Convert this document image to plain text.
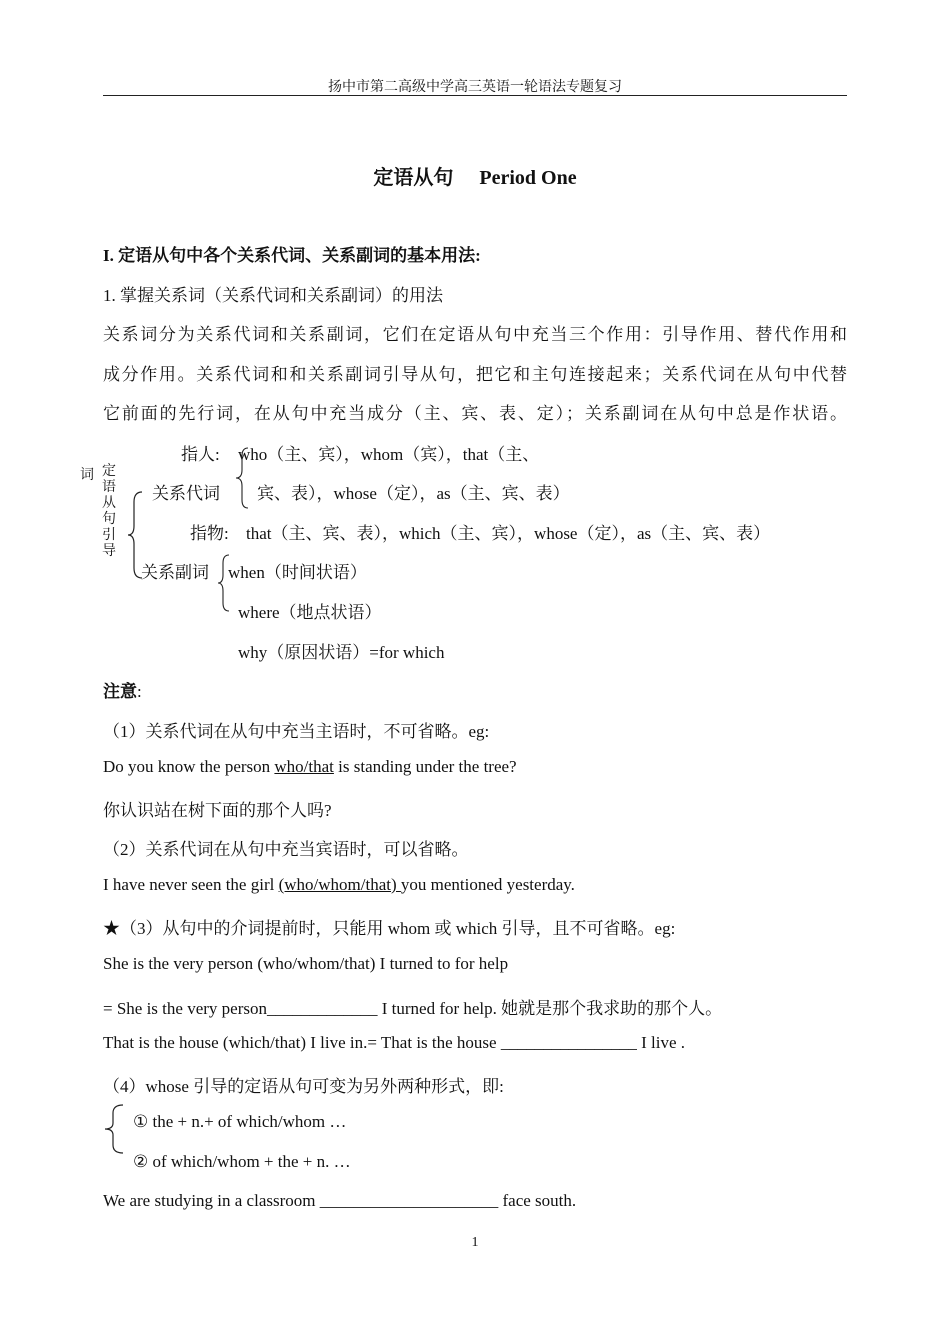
扬中市第二高级中学高三英语一轮语法专题复习
定语从句 Period One
I. 定语从句中各个关系代词、关系副词的基本用法:
1. 掌握关系词（关系代词和关系副词）的用法
关系词分为关系代词和关系副词，它们在定语从句中充当三个作用：引导作用、替代作用和
成分作用。关系代词和和关系副词引导从句，把它和主句连接起来；关系代词在从句中代替
它前面的先行词，在从句中充当成分（主、宾、表、定）；关系副词在从句中总是作状语。
词 定
语
从
句
引
导
指人: who（主、宾），whom（宾），that（主、
关系代词 宾、表），whose（定），as（主、宾、表）
指物: that（主、宾、表），which（主、宾），whose（定），as（主、宾、表）
关系副词 when（时间状语）
where（地点状语）
why（原因状语）=for which
注意:
（1）关系代词在从句中充当主语时，不可省略。eg:
Do you know the person who/that is standing under the tree?
你认识站在树下面的那个人吗?
（2）关系代词在从句中充当宾语时，可以省略。
I have never seen the girl (who/whom/that) you mentioned yesterday.
★（3）从句中的介词提前时，只能用 whom 或 which 引导，且不可省略。eg:
She is the very person (who/whom/that) I turned to for help
= She is the very person_____________ I turned for help. 她就是那个我求助的那个人。
That is the house (which/that) I live in.= That is the house ________________ I live .
（4）whose 引导的定语从句可变为另外两种形式，即:
① the + n.+ of which/whom …
② of which/whom + the + n. …
We are studying in a classroom _____________________ face south.
1
